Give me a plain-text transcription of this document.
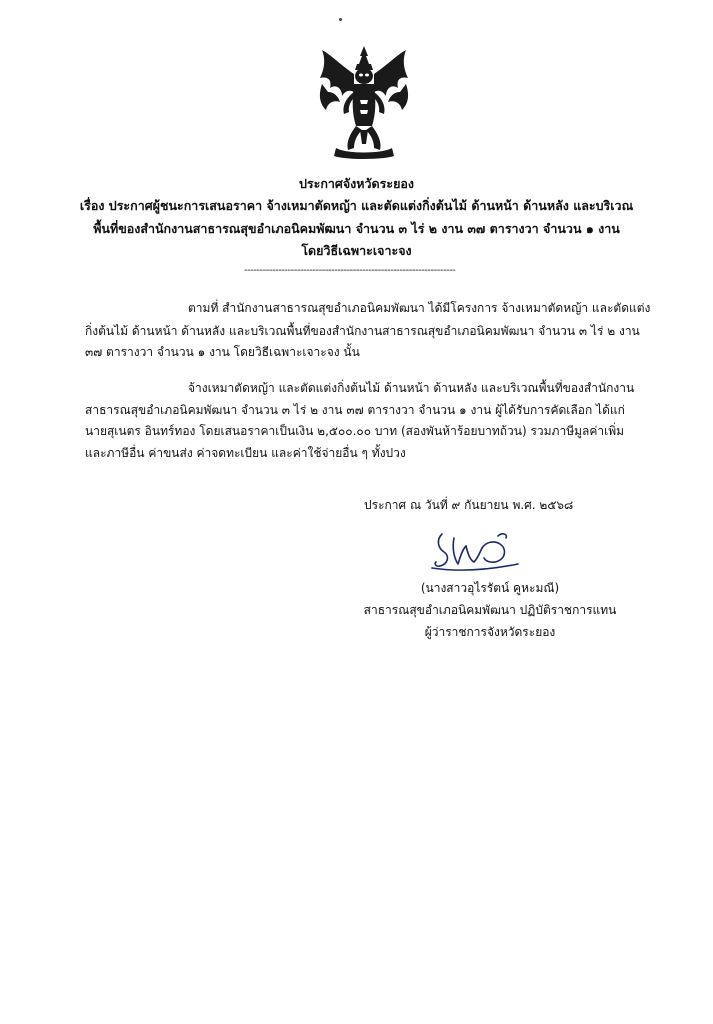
ประกาศจังหวัดระยอง
เรื่อง ประกาศผู้ชนะการเสนอราคา จ้างเหมาตัดหญ้า และตัดแต่งกิ่งต้นไม้ ด้านหน้า ด้านหลัง และบริเวณ
พื้นที่ของสำนักงานสาธารณสุขอำเภอนิคมพัฒนา จำนวน ๓ ไร่ ๒ งาน ๓๗ ตารางวา จำนวน ๑ งาน
โดยวิธีเฉพาะเจาะจง
--------------------------------------------------------------------
ตามที่ สำนักงานสาธารณสุขอำเภอนิคมพัฒนา ได้มีโครงการ จ้างเหมาตัดหญ้า และตัดแต่ง
กิ่งต้นไม้ ด้านหน้า ด้านหลัง และบริเวณพื้นที่ของสำนักงานสาธารณสุขอำเภอนิคมพัฒนา จำนวน ๓ ไร่ ๒ งาน
๓๗ ตารางวา จำนวน ๑ งาน โดยวิธีเฉพาะเจาะจง นั้น
จ้างเหมาตัดหญ้า และตัดแต่งกิ่งต้นไม้ ด้านหน้า ด้านหลัง และบริเวณพื้นที่ของสำนักงาน
สาธารณสุขอำเภอนิคมพัฒนา จำนวน ๓ ไร่ ๒ งาน ๓๗ ตารางวา จำนวน ๑ งาน ผู้ได้รับการคัดเลือก ได้แก่
นายสุเนตร อินทร์ทอง โดยเสนอราคาเป็นเงิน ๒,๕๐๐.๐๐ บาท (สองพันห้าร้อยบาทถ้วน) รวมภาษีมูลค่าเพิ่ม
และภาษีอื่น ค่าขนส่ง ค่าจดทะเบียน และค่าใช้จ่ายอื่น ๆ ทั้งปวง
ประกาศ ณ วันที่ ๙ กันยายน พ.ศ. ๒๕๖๘
(นางสาวอุไรรัตน์ คูหะมณี)
สาธารณสุขอำเภอนิคมพัฒนา ปฏิบัติราชการแทน
ผู้ว่าราชการจังหวัดระยอง
